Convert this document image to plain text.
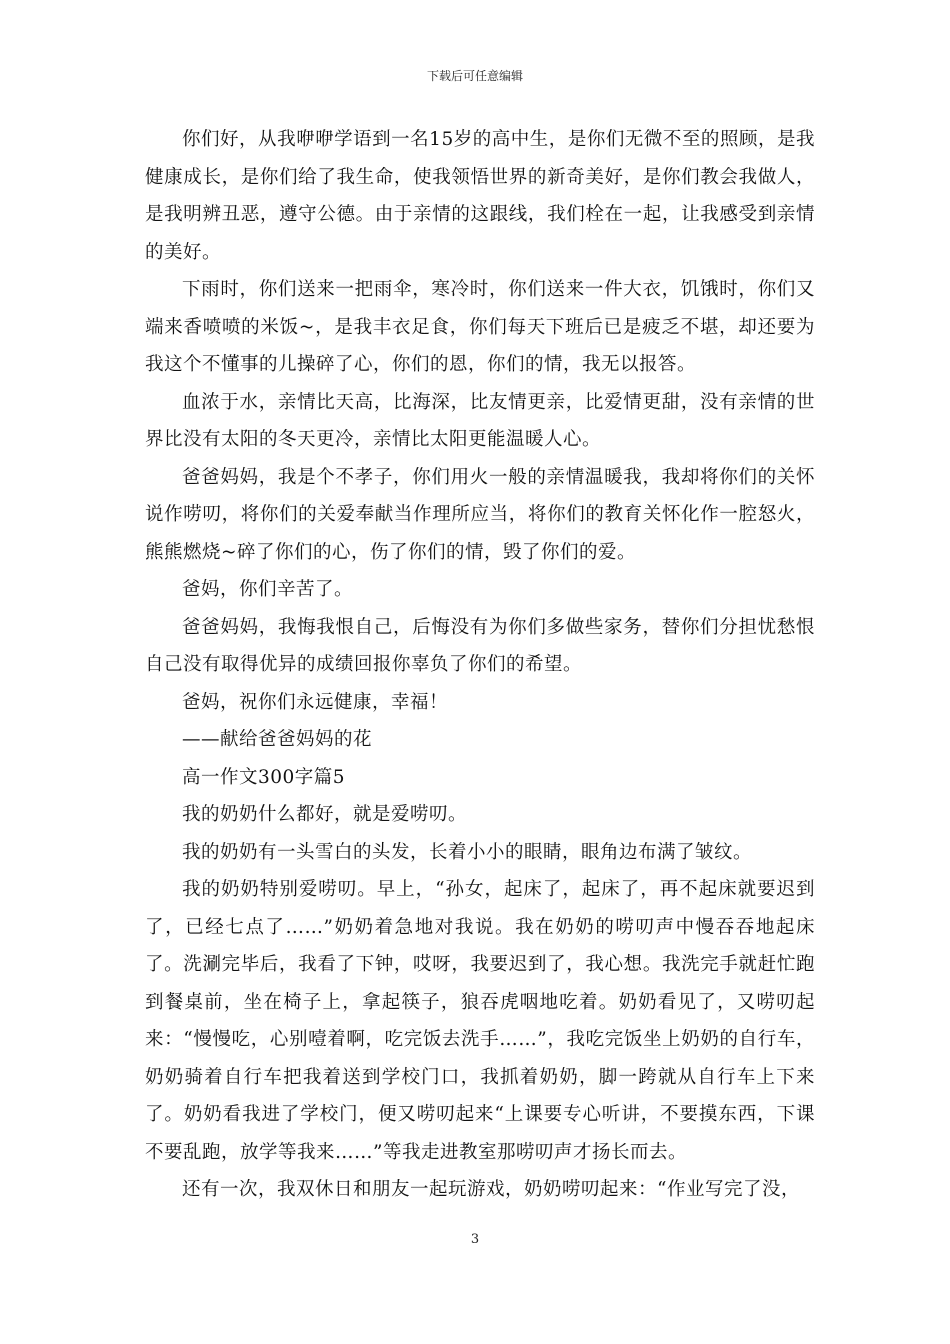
下载后可任意编辑

你们好，从我咿咿学语到一名15岁的高中生，是你们无微不至的照顾，是我健康成长，是你们给了我生命，使我领悟世界的新奇美好，是你们教会我做人，是我明辨丑恶，遵守公德。由于亲情的这跟线，我们栓在一起，让我感受到亲情的美好。

下雨时，你们送来一把雨伞，寒冷时，你们送来一件大衣，饥饿时，你们又端来香喷喷的米饭~，是我丰衣足食，你们每天下班后已是疲乏不堪，却还要为我这个不懂事的儿操碎了心，你们的恩，你们的情，我无以报答。

血浓于水，亲情比天高，比海深，比友情更亲，比爱情更甜，没有亲情的世界比没有太阳的冬天更冷，亲情比太阳更能温暖人心。

爸爸妈妈，我是个不孝子，你们用火一般的亲情温暖我，我却将你们的关怀说作唠叨，将你们的关爱奉献当作理所应当，将你们的教育关怀化作一腔怒火，熊熊燃烧~碎了你们的心，伤了你们的情，毁了你们的爱。

爸妈，你们辛苦了。

爸爸妈妈，我悔我恨自己，后悔没有为你们多做些家务，替你们分担忧愁恨自己没有取得优异的成绩回报你辜负了你们的希望。

爸妈，祝你们永远健康，幸福！

——献给爸爸妈妈的花

高一作文300字篇5

我的奶奶什么都好，就是爱唠叨。

我的奶奶有一头雪白的头发，长着小小的眼睛，眼角边布满了皱纹。

我的奶奶特别爱唠叨。早上，“孙女，起床了，起床了，再不起床就要迟到了，已经七点了……”奶奶着急地对我说。我在奶奶的唠叨声中慢吞吞地起床了。洗涮完毕后，我看了下钟，哎呀，我要迟到了，我心想。我洗完手就赶忙跑到餐桌前，坐在椅子上，拿起筷子，狼吞虎咽地吃着。奶奶看见了，又唠叨起来：“慢慢吃，心别噎着啊，吃完饭去洗手……”，我吃完饭坐上奶奶的自行车，奶奶骑着自行车把我着送到学校门口，我抓着奶奶，脚一跨就从自行车上下来了。奶奶看我进了学校门，便又唠叨起来“上课要专心听讲，不要摸东西，下课不要乱跑，放学等我来……”等我走进教室那唠叨声才扬长而去。

还有一次，我双休日和朋友一起玩游戏，奶奶唠叨起来：“作业写完了没，

3
